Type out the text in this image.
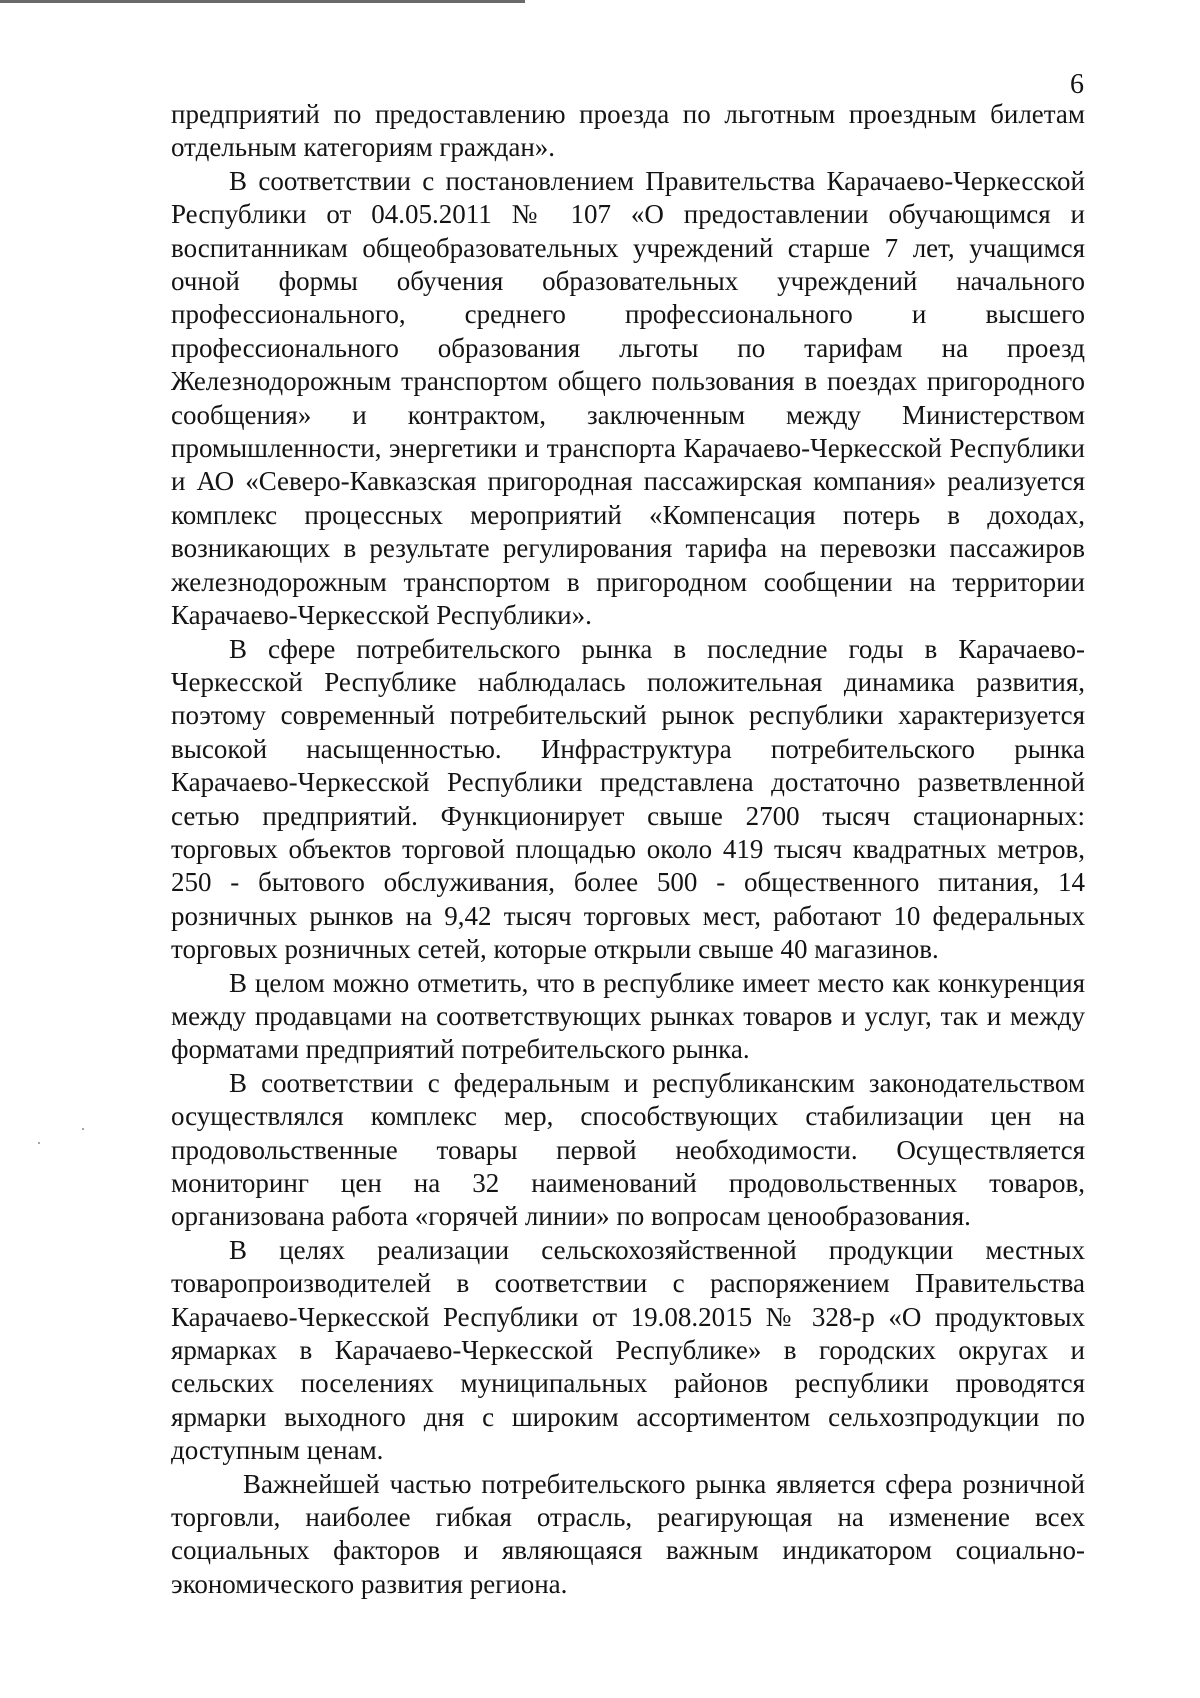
6

предприятий по предоставлению проезда по льготным проездным билетам отдельным категориям граждан».

В соответствии с постановлением Правительства Карачаево-Черкесской Республики от 04.05.2011 № 107 «О предоставлении обучающимся и воспитанникам общеобразовательных учреждений старше 7 лет, учащимся очной формы обучения образовательных учреждений начального профессионального, среднего профессионального и высшего профессионального образования льготы по тарифам на проезд Железнодорожным транспортом общего пользования в поездах пригородного сообщения» и контрактом, заключенным между Министерством промышленности, энергетики и транспорта Карачаево-Черкесской Республики и АО «Северо-Кавказская пригородная пассажирская компания» реализуется комплекс процессных мероприятий «Компенсация потерь в доходах, возникающих в результате регулирования тарифа на перевозки пассажиров железнодорожным транспортом в пригородном сообщении на территории Карачаево-Черкесской Республики».

В сфере потребительского рынка в последние годы в Карачаево-Черкесской Республике наблюдалась положительная динамика развития, поэтому современный потребительский рынок республики характеризуется высокой насыщенностью. Инфраструктура потребительского рынка Карачаево-Черкесской Республики представлена достаточно разветвленной сетью предприятий. Функционирует свыше 2700 тысяч стационарных: торговых объектов торговой площадью около 419 тысяч квадратных метров, 250 - бытового обслуживания, более 500 - общественного питания, 14 розничных рынков на 9,42 тысяч торговых мест, работают 10 федеральных торговых розничных сетей, которые открыли свыше 40 магазинов.

В целом можно отметить, что в республике имеет место как конкуренция между продавцами на соответствующих рынках товаров и услуг, так и между форматами предприятий потребительского рынка.

В соответствии с федеральным и республиканским законодательством осуществлялся комплекс мер, способствующих стабилизации цен на продовольственные товары первой необходимости. Осуществляется мониторинг цен на 32 наименований продовольственных товаров, организована работа «горячей линии» по вопросам ценообразования.

В целях реализации сельскохозяйственной продукции местных товаропроизводителей в соответствии с распоряжением Правительства Карачаево-Черкесской Республики от 19.08.2015 № 328-р «О продуктовых ярмарках в Карачаево-Черкесской Республике» в городских округах и сельских поселениях муниципальных районов республики проводятся ярмарки выходного дня с широким ассортиментом сельхозпродукции по доступным ценам.

Важнейшей частью потребительского рынка является сфера розничной торговли, наиболее гибкая отрасль, реагирующая на изменение всех социальных факторов и являющаяся важным индикатором социально-экономического развития региона.
